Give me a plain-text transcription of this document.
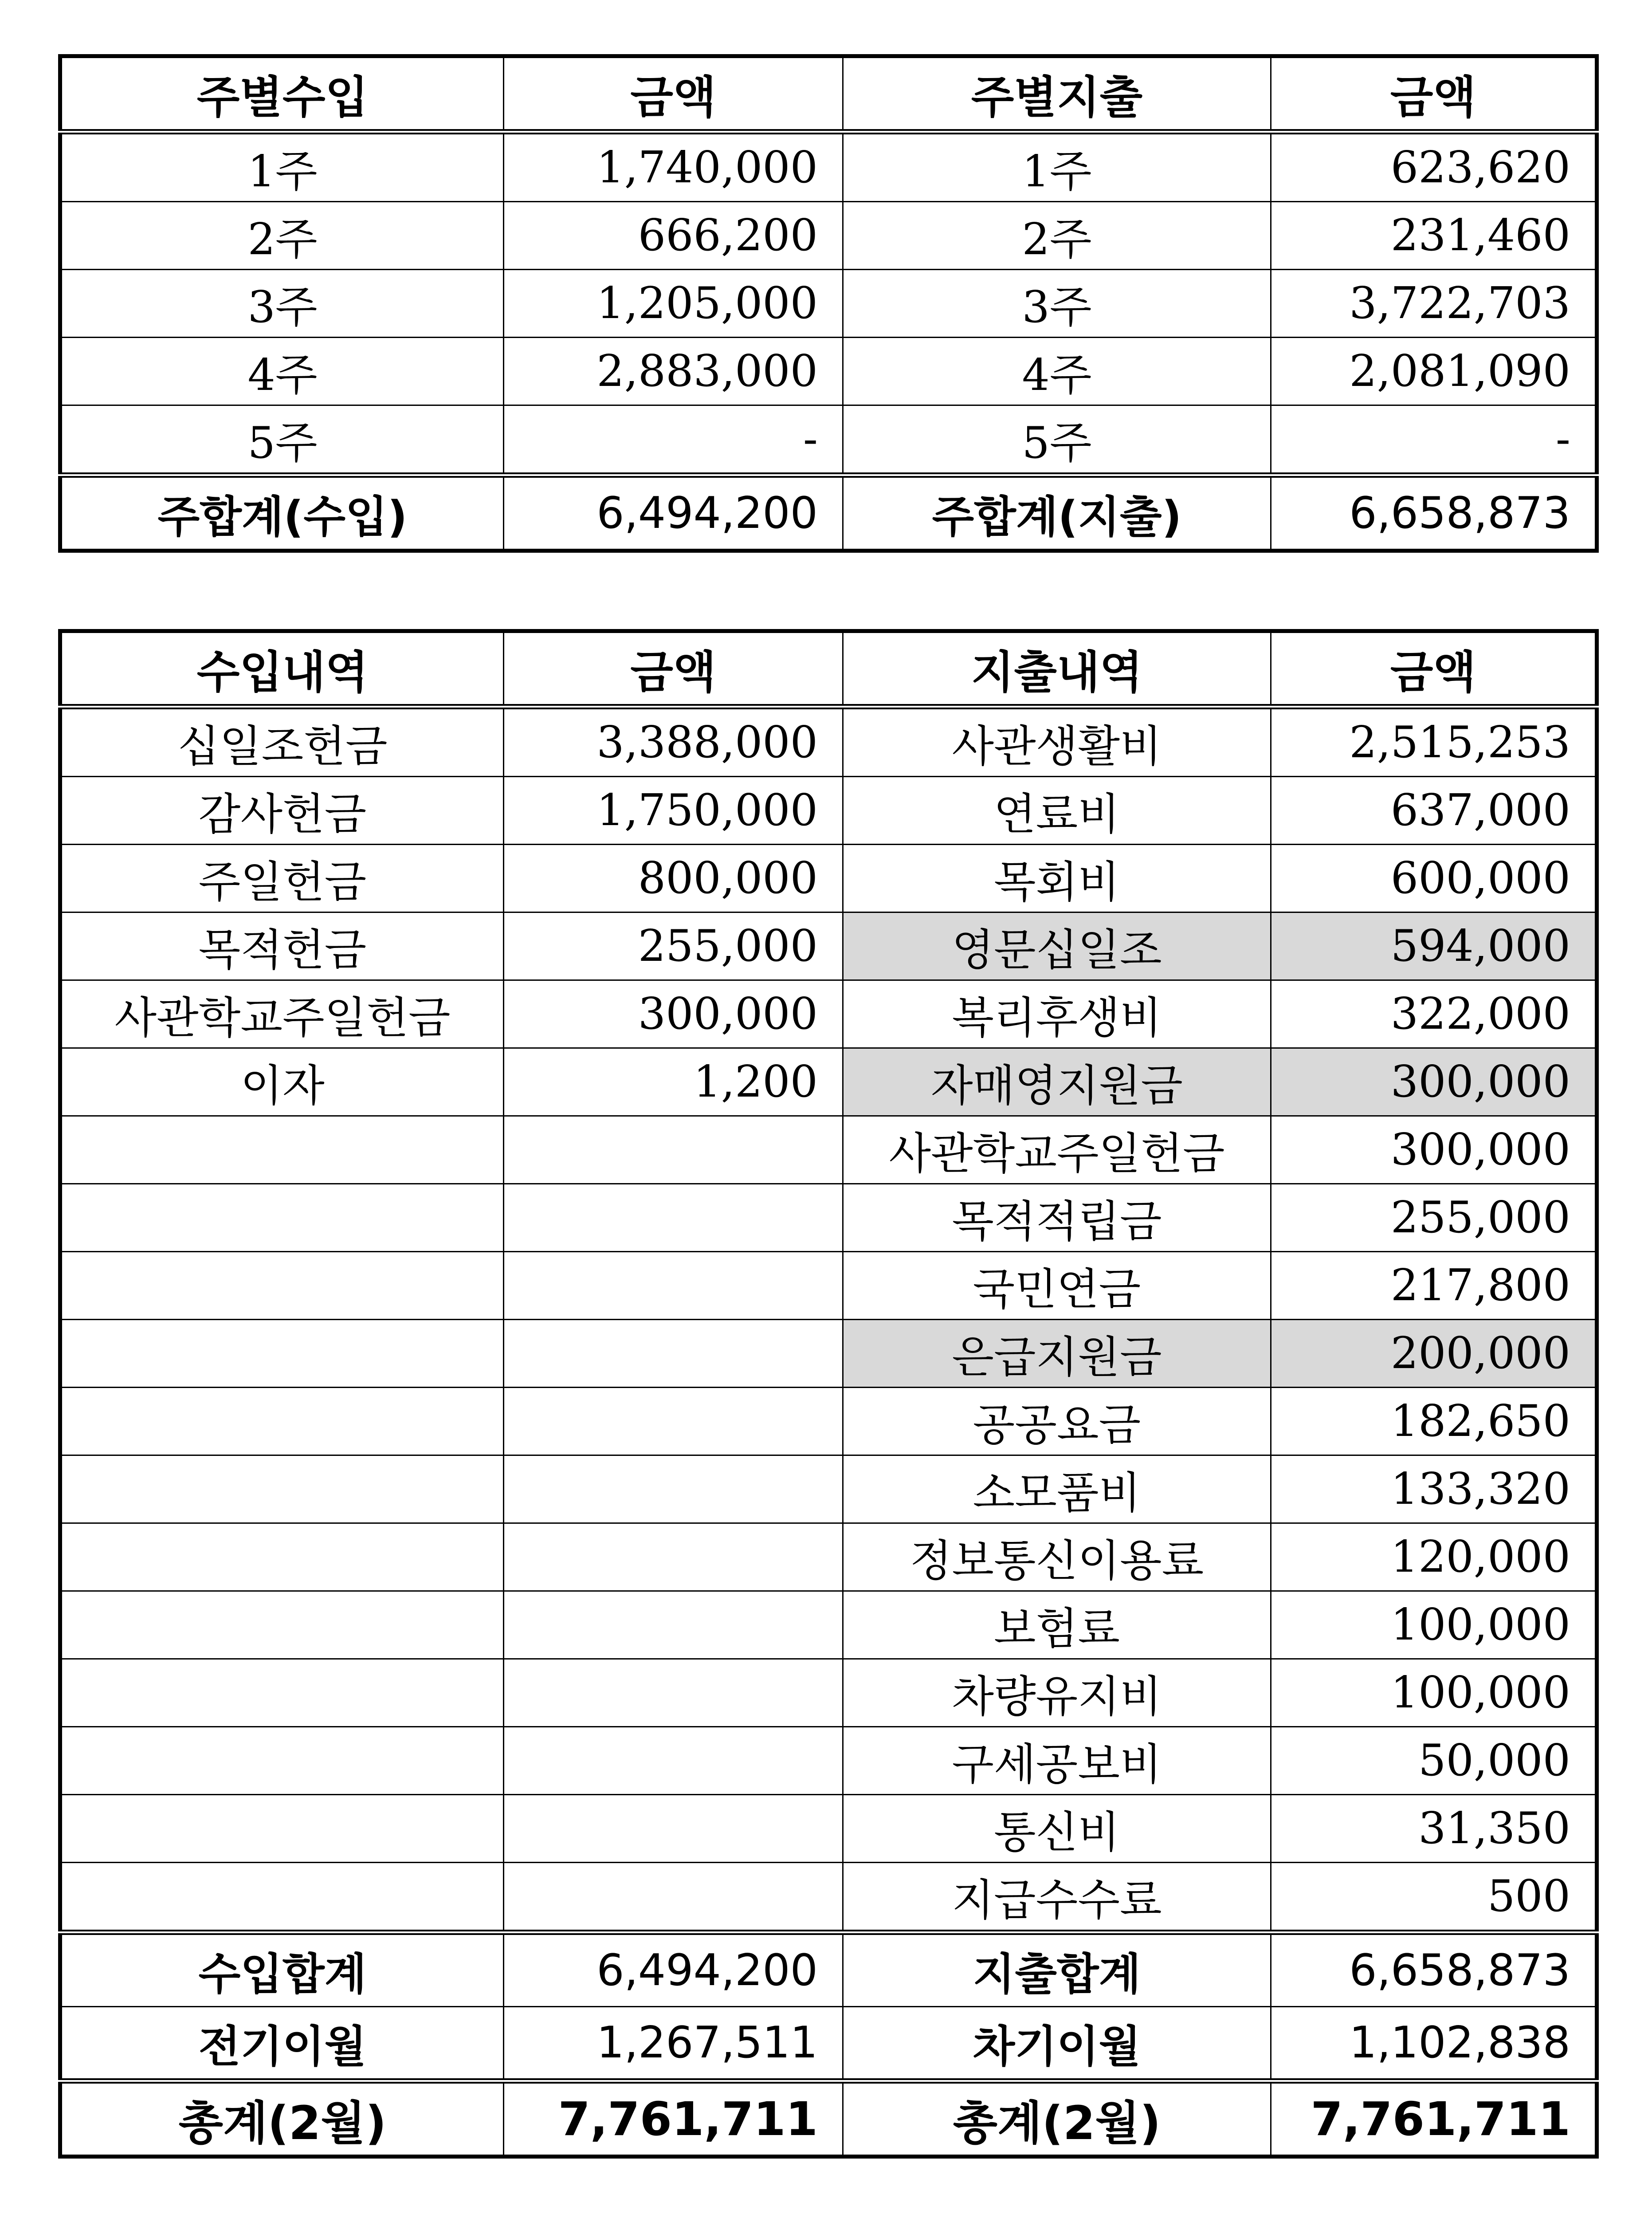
주별수입	금액	주별지출	금액
1주	1,740,000	1주	623,620
2주	666,200	2주	231,460
3주	1,205,000	3주	3,722,703
4주	2,883,000	4주	2,081,090
5주	-	5주	-
주합계(수입)	6,494,200	주합계(지출)	6,658,873
수입내역	금액	지출내역	금액
십일조헌금	3,388,000	사관생활비	2,515,253
감사헌금	1,750,000	연료비	637,000
주일헌금	800,000	목회비	600,000
목적헌금	255,000	영문십일조	594,000
사관학교주일헌금	300,000	복리후생비	322,000
이자	1,200	자매영지원금	300,000
		사관학교주일헌금	300,000
		목적적립금	255,000
		국민연금	217,800
		은급지원금	200,000
		공공요금	182,650
		소모품비	133,320
		정보통신이용료	120,000
		보험료	100,000
		차량유지비	100,000
		구세공보비	50,000
		통신비	31,350
		지급수수료	500
수입합계	6,494,200	지출합계	6,658,873
전기이월	1,267,511	차기이월	1,102,838
총계(2월)	7,761,711	총계(2월)	7,761,711
